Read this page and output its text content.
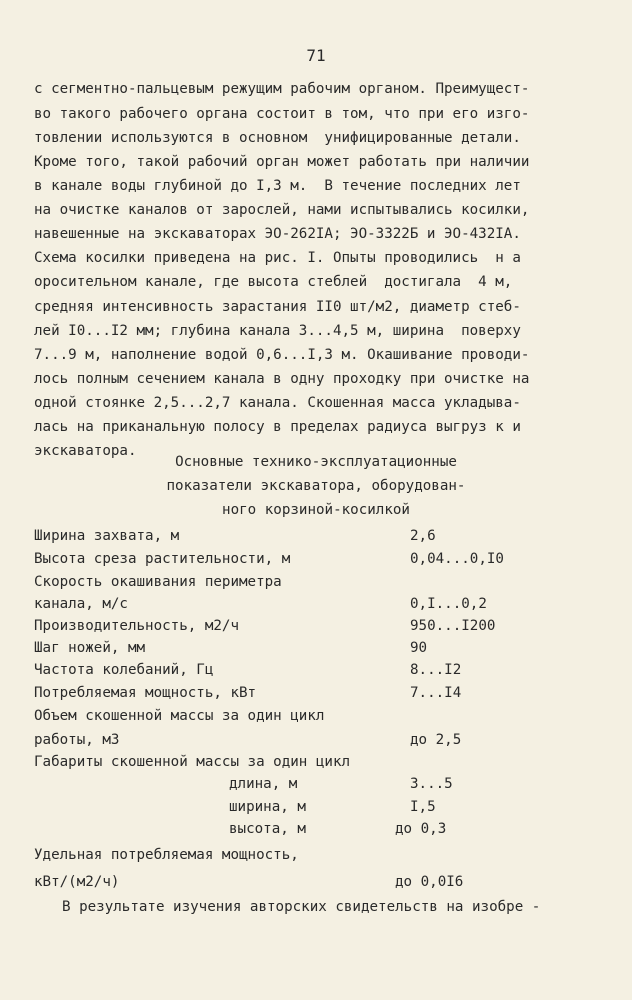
71
с сегментно-пальцевым режущим рабочим органом. Преимущест-
во такого рабочего органа состоит в том, что при его изго-
товлении используются в основном  унифицированные детали.
Кроме того, такой рабочий орган может работать при наличии
в канале воды глубиной до I,3 м.  В течение последних лет
на очистке каналов от зарослей, нами испытывались косилки,
навешенные на экскаваторах ЭО-262IA; ЭО-3322Б и ЭО-432IA.
Схема косилки приведена на рис. I. Опыты проводились  н а
оросительном канале, где высота стеблей  достигала  4 м,
средняя интенсивность зарастания II0 шт/м2, диаметр стеб-
лей I0...I2 мм; глубина канала 3...4,5 м, ширина  поверху
7...9 м, наполнение водой 0,6...I,3 м. Окашивание проводи-
лось полным сечением канала в одну проходку при очистке на
одной стоянке 2,5...2,7 канала. Скошенная масса укладыва-
лась на приканальную полосу в пределах радиуса выгруз к и
экскаватора.
Основные технико-эксплуатационные
показатели экскаватора, оборудован-
ного корзиной-косилкой
Ширина захвата, м	2,6
Высота среза растительности, м	0,04...0,I0
Скорость окашивания периметра
канала, м/с	0,I...0,2
Производительность, м2/ч	950...I200
Шаг ножей, мм	90
Частота колебаний, Гц	8...I2
Потребляемая мощность, кВт	7...I4
Объем скошенной массы за один цикл
работы, м3	до 2,5
Габариты скошенной массы за один цикл
длина, м	3...5
ширина, м	I,5
высота, м	до 0,3
Удельная потребляемая мощность,
кВт/(м2/ч)	до 0,0I6
В результате изучения авторских свидетельств на изобре -
